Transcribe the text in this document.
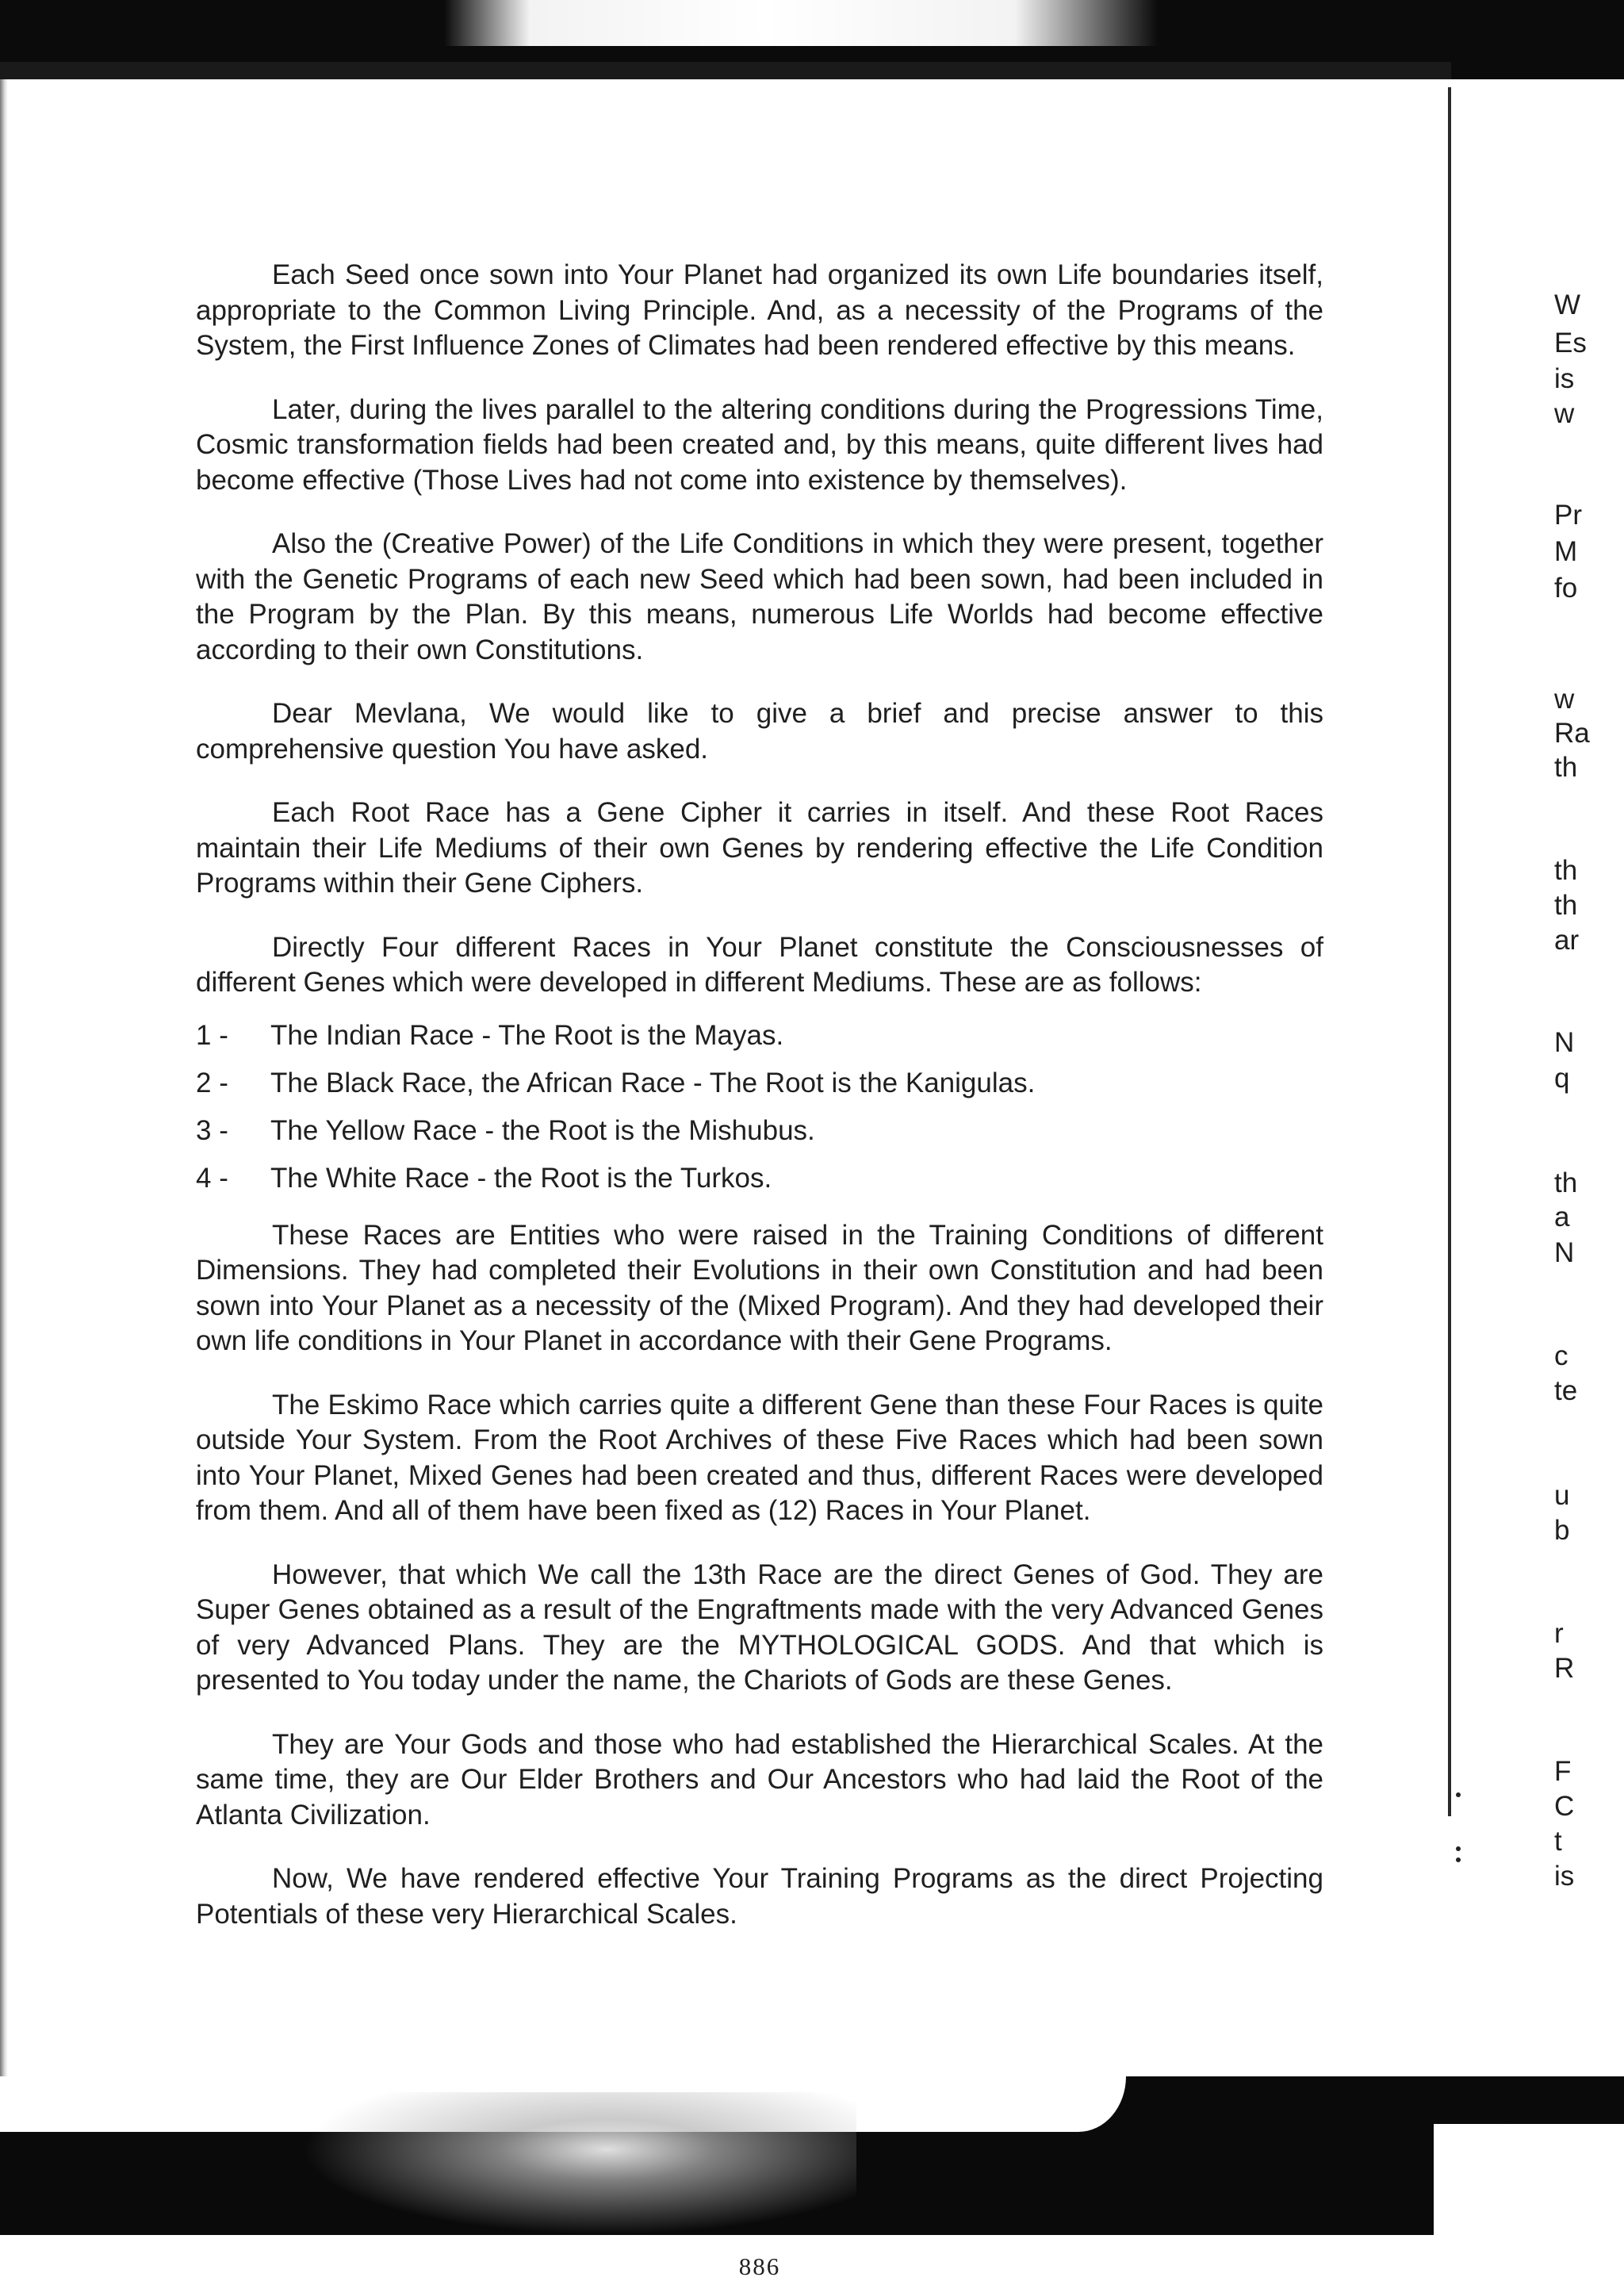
Each Seed once sown into Your Planet had organized its own Life boundaries itself, appropriate to the Common Living Principle. And, as a necessity of the Programs of the System, the First Influence Zones of Climates had been rendered effective by this means.

Later, during the lives parallel to the altering conditions during the Progressions Time, Cosmic transformation fields had been created and, by this means, quite different lives had become effective (Those Lives had not come into existence by themselves).

Also the (Creative Power) of the Life Conditions in which they were present, together with the Genetic Programs of each new Seed which had been sown, had been included in the Program by the Plan. By this means, numerous Life Worlds had become effective according to their own Constitutions.

Dear Mevlana, We would like to give a brief and precise answer to this comprehensive question You have asked.

Each Root Race has a Gene Cipher it carries in itself. And these Root Races maintain their Life Mediums of their own Genes by rendering effective the Life Condition Programs within their Gene Ciphers.

Directly Four different Races in Your Planet constitute the Consciousnesses of different Genes which were developed in different Mediums. These are as follows:

1 -	The Indian Race - The Root is the Mayas.
2 -	The Black Race, the African Race - The Root is the Kanigulas.
3 -	The Yellow Race - the Root is the Mishubus.
4 -	The White Race - the Root is the Turkos.

These Races are Entities who were raised in the Training Conditions of different Dimensions. They had completed their Evolutions in their own Constitution and had been sown into Your Planet as a necessity of the (Mixed Program). And they had developed their own life conditions in Your Planet in accordance with their Gene Programs.

The Eskimo Race which carries quite a different Gene than these Four Races is quite outside Your System. From the Root Archives of these Five Races which had been sown into Your Planet, Mixed Genes had been created and thus, different Races were developed from them. And all of them have been fixed as (12) Races in Your Planet.

However, that which We call the 13th Race are the direct Genes of God. They are Super Genes obtained as a result of the Engraftments made with the very Advanced Genes of very Advanced Plans. They are the MYTHOLOGICAL GODS. And that which is presented to You today under the name, the Chariots of Gods are these Genes.

They are Your Gods and those who had established the Hierarchical Scales. At the same time, they are Our Elder Brothers and Our Ancestors who had laid the Root of the Atlanta Civilization.

Now, We have rendered effective Your Training Programs as the direct Projecting Potentials of these very Hierarchical Scales.

886
W
Es
is
w
Pr
M
fo
w
Ra
th
th
th
ar
N
q
th
a
N
c
te
u
b
r
R
F
C
t
is
